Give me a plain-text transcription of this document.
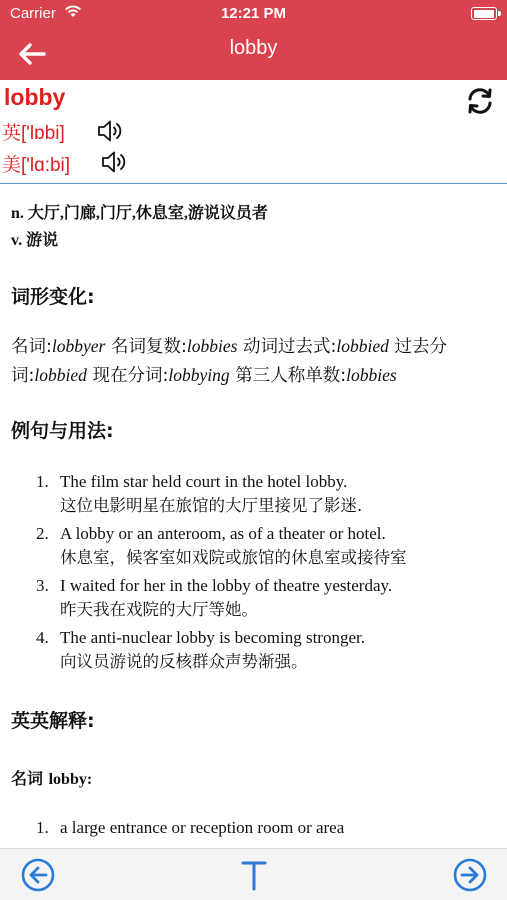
Carrier	12:21 PM
lobby
lobby
英['lɒbi]
美['lɑ:bi]
n. 大厅,门廊,门厅,休息室,游说议员者
v. 游说
词形变化:
名词:lobbyer 名词复数:lobbies 动词过去式:lobbied 过去分词:lobbied 现在分词:lobbying 第三人称单数:lobbies
例句与用法:
1. The film star held court in the hotel lobby.
这位电影明星在旅馆的大厅里接见了影迷.
2. A lobby or an anteroom, as of a theater or hotel.
休息室，候客室如戏院或旅馆的休息室或接待室
3. I waited for her in the lobby of theatre yesterday.
昨天我在戏院的大厅等她。
4. The anti-nuclear lobby is becoming stronger.
向议员游说的反核群众声势渐强。
英英解释:
名词 lobby:
1. a large entrance or reception room or area
